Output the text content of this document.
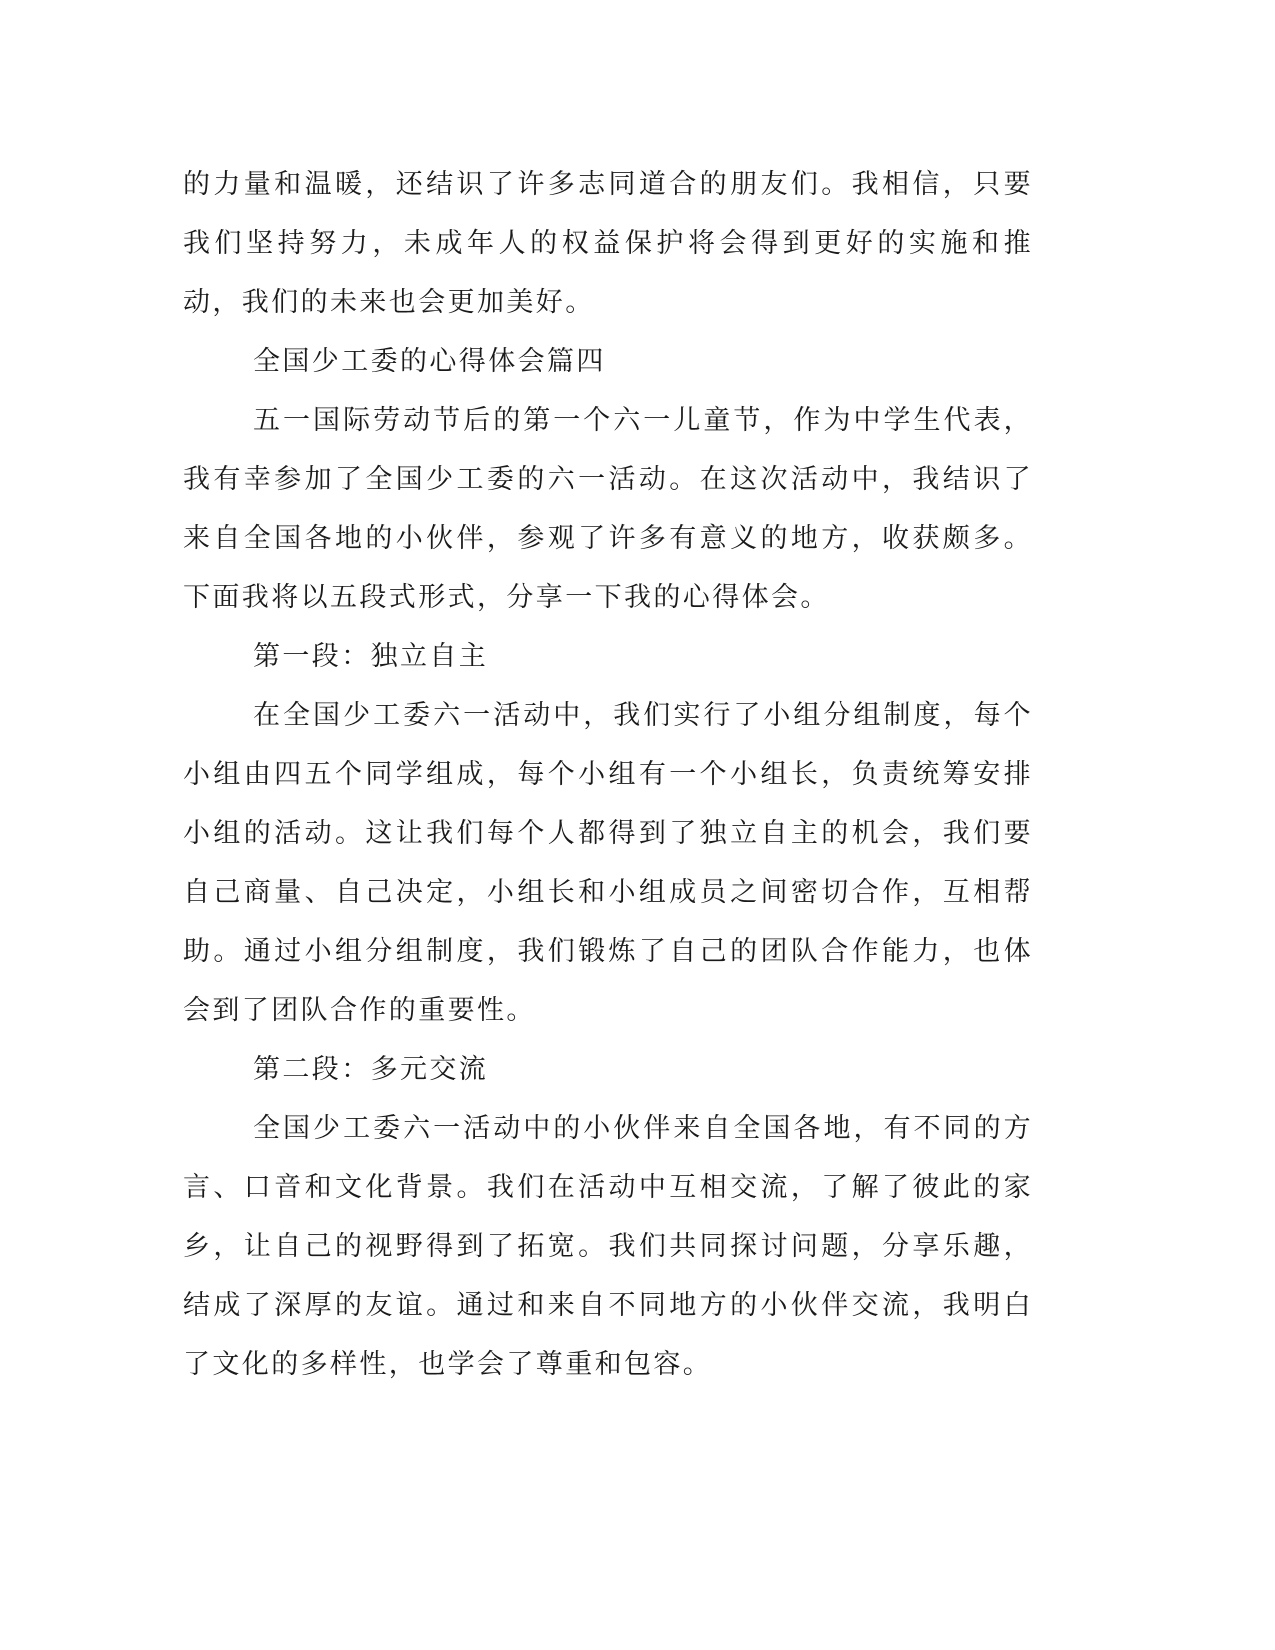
的力量和温暖，还结识了许多志同道合的朋友们。我相信，只要我们坚持努力，未成年人的权益保护将会得到更好的实施和推动，我们的未来也会更加美好。

全国少工委的心得体会篇四

五一国际劳动节后的第一个六一儿童节，作为中学生代表，我有幸参加了全国少工委的六一活动。在这次活动中，我结识了来自全国各地的小伙伴，参观了许多有意义的地方，收获颇多。下面我将以五段式形式，分享一下我的心得体会。

第一段：独立自主

在全国少工委六一活动中，我们实行了小组分组制度，每个小组由四五个同学组成，每个小组有一个小组长，负责统筹安排小组的活动。这让我们每个人都得到了独立自主的机会，我们要自己商量、自己决定，小组长和小组成员之间密切合作，互相帮助。通过小组分组制度，我们锻炼了自己的团队合作能力，也体会到了团队合作的重要性。

第二段：多元交流

全国少工委六一活动中的小伙伴来自全国各地，有不同的方言、口音和文化背景。我们在活动中互相交流，了解了彼此的家乡，让自己的视野得到了拓宽。我们共同探讨问题，分享乐趣，结成了深厚的友谊。通过和来自不同地方的小伙伴交流，我明白了文化的多样性，也学会了尊重和包容。
